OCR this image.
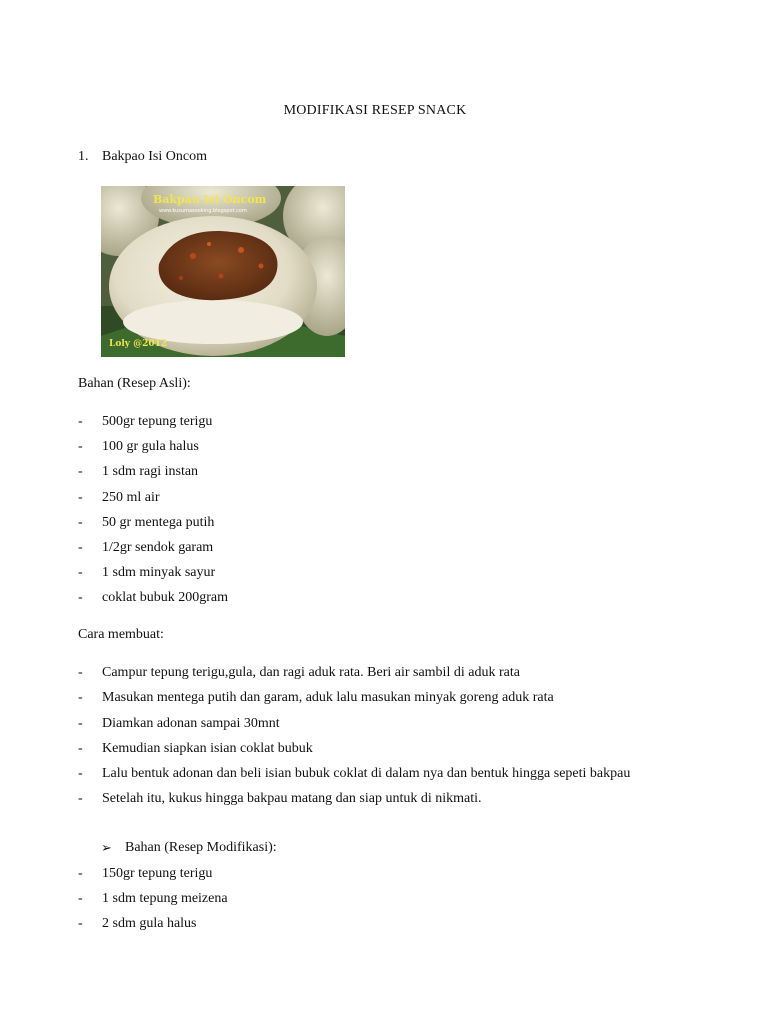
MODIFIKASI RESEP SNACK
1. Bakpao Isi Oncom
Bakpau Isi Oncom
www.kusumasooking.blogspot.com
Loly @2012
Bahan (Resep Asli):
-	500gr tepung terigu
-	100 gr gula halus
-	1 sdm ragi instan
-	250 ml air
-	50 gr mentega putih
-	1/2gr sendok garam
-	1 sdm minyak sayur
-	coklat bubuk 200gram
Cara membuat:
-	Campur tepung terigu,gula, dan ragi aduk rata. Beri air sambil di aduk rata
-	Masukan mentega putih dan garam, aduk lalu masukan minyak goreng aduk rata
-	Diamkan adonan sampai 30mnt
-	Kemudian siapkan isian coklat bubuk
-	Lalu bentuk adonan dan beli isian bubuk coklat di dalam nya dan bentuk hingga sepeti bakpau
-	Setelah itu, kukus hingga bakpau matang dan siap untuk di nikmati.
➢ Bahan (Resep Modifikasi):
-	150gr tepung terigu
-	1 sdm tepung meizena
-	2 sdm gula halus
